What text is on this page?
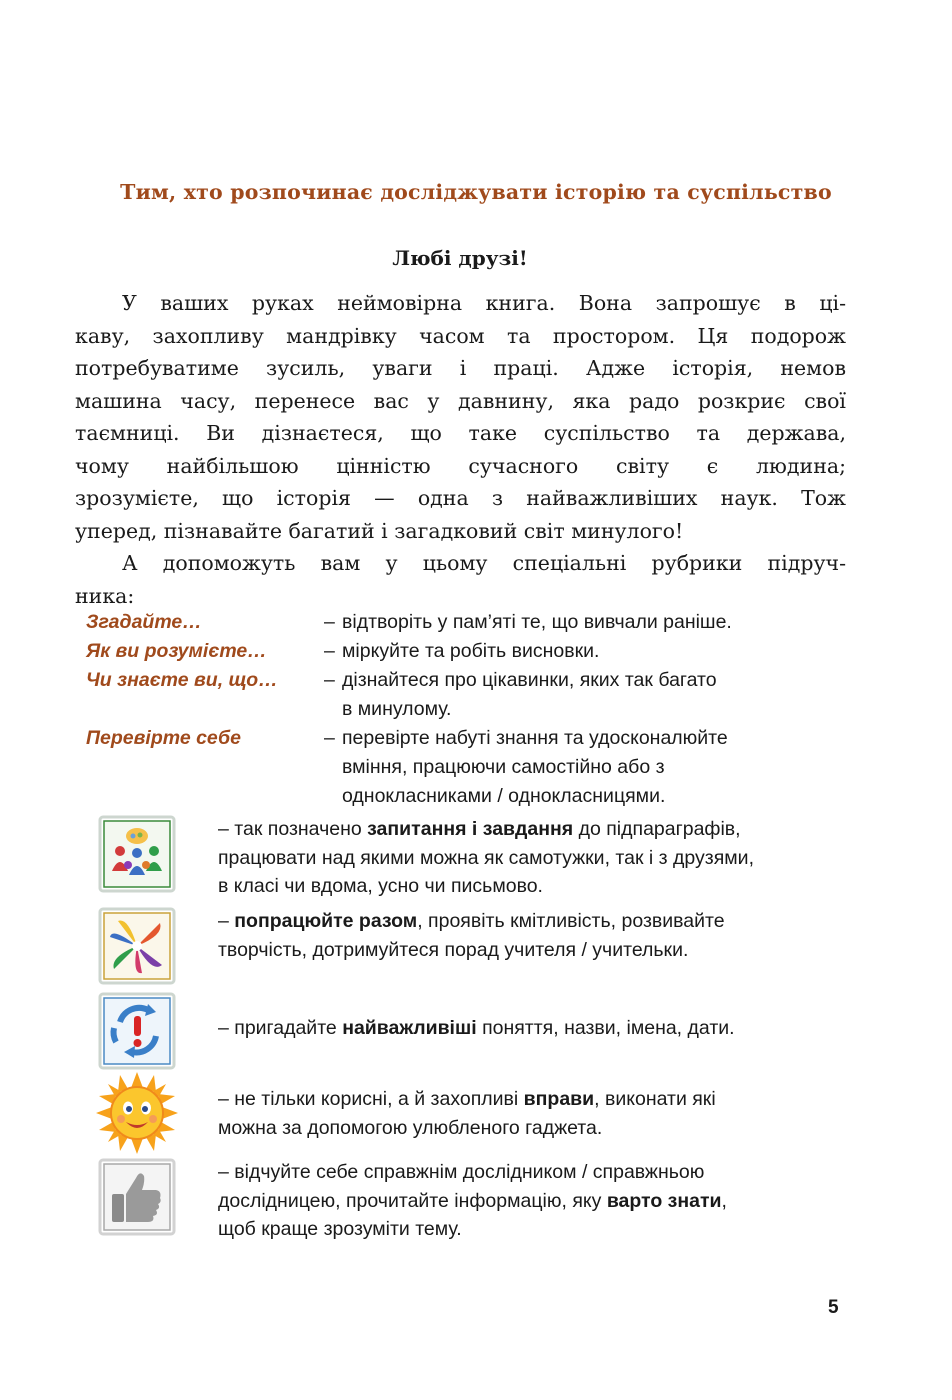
Тим, хто розпочинає досліджувати історію та суспільство
Любі друзі!
У ваших руках неймовірна книга. Вона запрошує в ці-
каву, захопливу мандрівку часом та простором. Ця подорож
потребуватиме зусиль, уваги і праці. Адже історія, немов
машина часу, перенесе вас у давнину, яка радо розкриє свої
таємниці. Ви дізнаєтеся, що таке суспільство та держава,
чому найбільшою цінністю сучасного світу є людина;
зрозумієте, що історія — одна з найважливіших наук. Тож
уперед, пізнавайте багатий і загадковий світ минулого!
А допоможуть вам у цьому спеціальні рубрики підруч-
ника:
Згадайте…	– відтворіть у пам’яті те, що вивчали раніше.
Як ви розумієте…	– міркуйте та робіть висновки.
Чи знаєте ви, що… – дізнайтеся про цікавинки, яких так багато
в минулому.
Перевірте себе	– перевірте набуті знання та удосконалюйте
вміння, працюючи самостійно або з
однокласниками / однокласницями.
– так позначено запитання і завдання до підпараграфів,
працювати над якими можна як самотужки, так і з друзями,
в класі чи вдома, усно чи письмово.
– попрацюйте разом, проявіть кмітливість, розвивайте
творчість, дотримуйтеся порад учителя / учительки.
– пригадайте найважливіші поняття, назви, імена, дати.
– не тільки корисні, а й захопливі вправи, виконати які
можна за допомогою улюбленого гаджета.
– відчуйте себе справжнім дослідником / справжньою
дослідницею, прочитайте інформацію, яку варто знати,
щоб краще зрозуміти тему.
5
